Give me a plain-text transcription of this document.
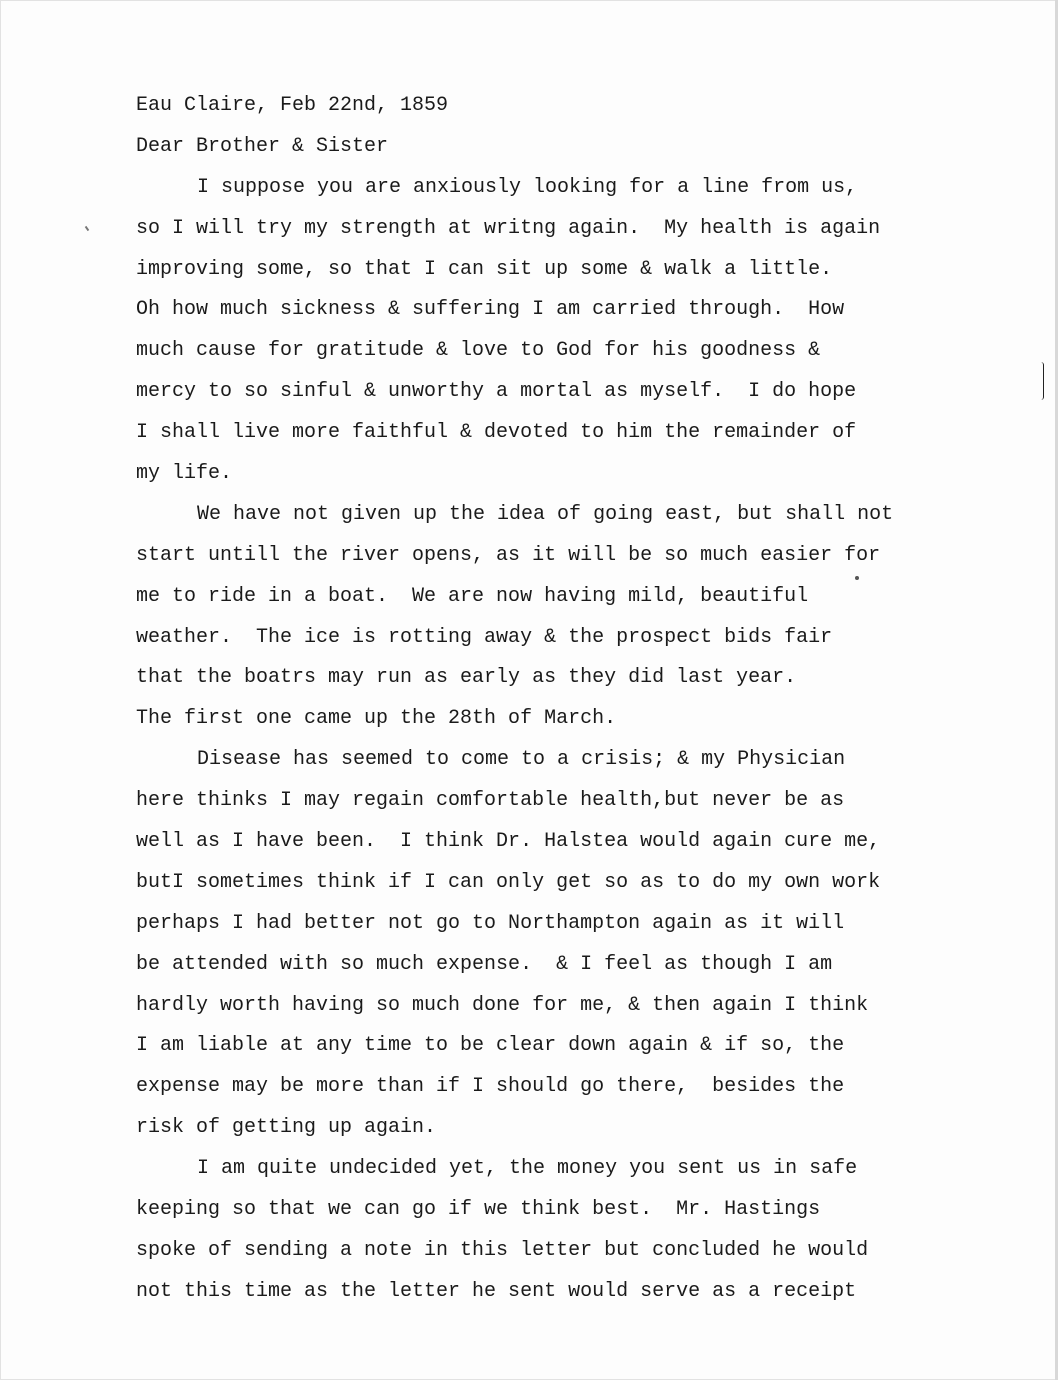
Eau Claire, Feb 22nd, 1859
Dear Brother & Sister
I suppose you are anxiously looking for a line from us,
so I will try my strength at writng again.  My health is again
improving some, so that I can sit up some & walk a little.
Oh how much sickness & suffering I am carried through.  How
much cause for gratitude & love to God for his goodness &
mercy to so sinful & unworthy a mortal as myself.  I do hope
I shall live more faithful & devoted to him the remainder of
my life.
We have not given up the idea of going east, but shall not
start untill the river opens, as it will be so much easier for
me to ride in a boat.  We are now having mild, beautiful
weather.  The ice is rotting away & the prospect bids fair
that the boatrs may run as early as they did last year.
The first one came up the 28th of March.
Disease has seemed to come to a crisis; & my Physician
here thinks I may regain comfortable health,but never be as
well as I have been.  I think Dr. Halstea would again cure me,
butI sometimes think if I can only get so as to do my own work
perhaps I had better not go to Northampton again as it will
be attended with so much expense.  & I feel as though I am
hardly worth having so much done for me, & then again I think
I am liable at any time to be clear down again & if so, the
expense may be more than if I should go there,  besides the
risk of getting up again.
I am quite undecided yet, the money you sent us in safe
keeping so that we can go if we think best.  Mr. Hastings
spoke of sending a note in this letter but concluded he would
not this time as the letter he sent would serve as a receipt
